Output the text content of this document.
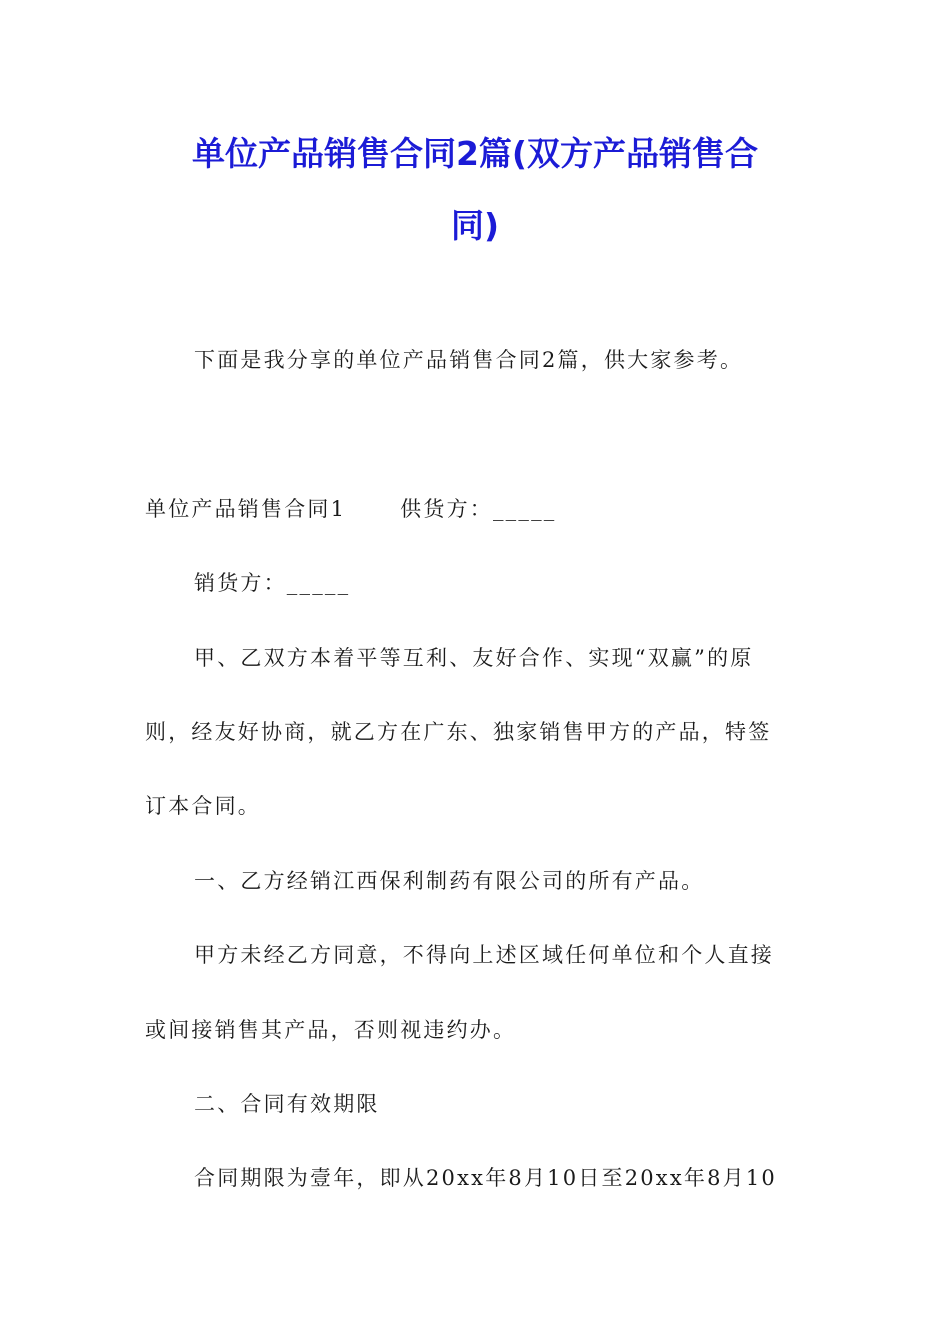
单位产品销售合同2篇(双方产品销售合
同)

下面是我分享的单位产品销售合同2篇，供大家参考。

单位产品销售合同1	供货方：_____

销货方：_____

甲、乙双方本着平等互利、友好合作、实现“双赢”的原

则，经友好协商，就乙方在广东、独家销售甲方的产品，特签

订本合同。

一、乙方经销江西保利制药有限公司的所有产品。

甲方未经乙方同意，不得向上述区域任何单位和个人直接

或间接销售其产品，否则视违约办。

二、合同有效期限

合同期限为壹年，即从20xx年8月10日至20xx年8月10
